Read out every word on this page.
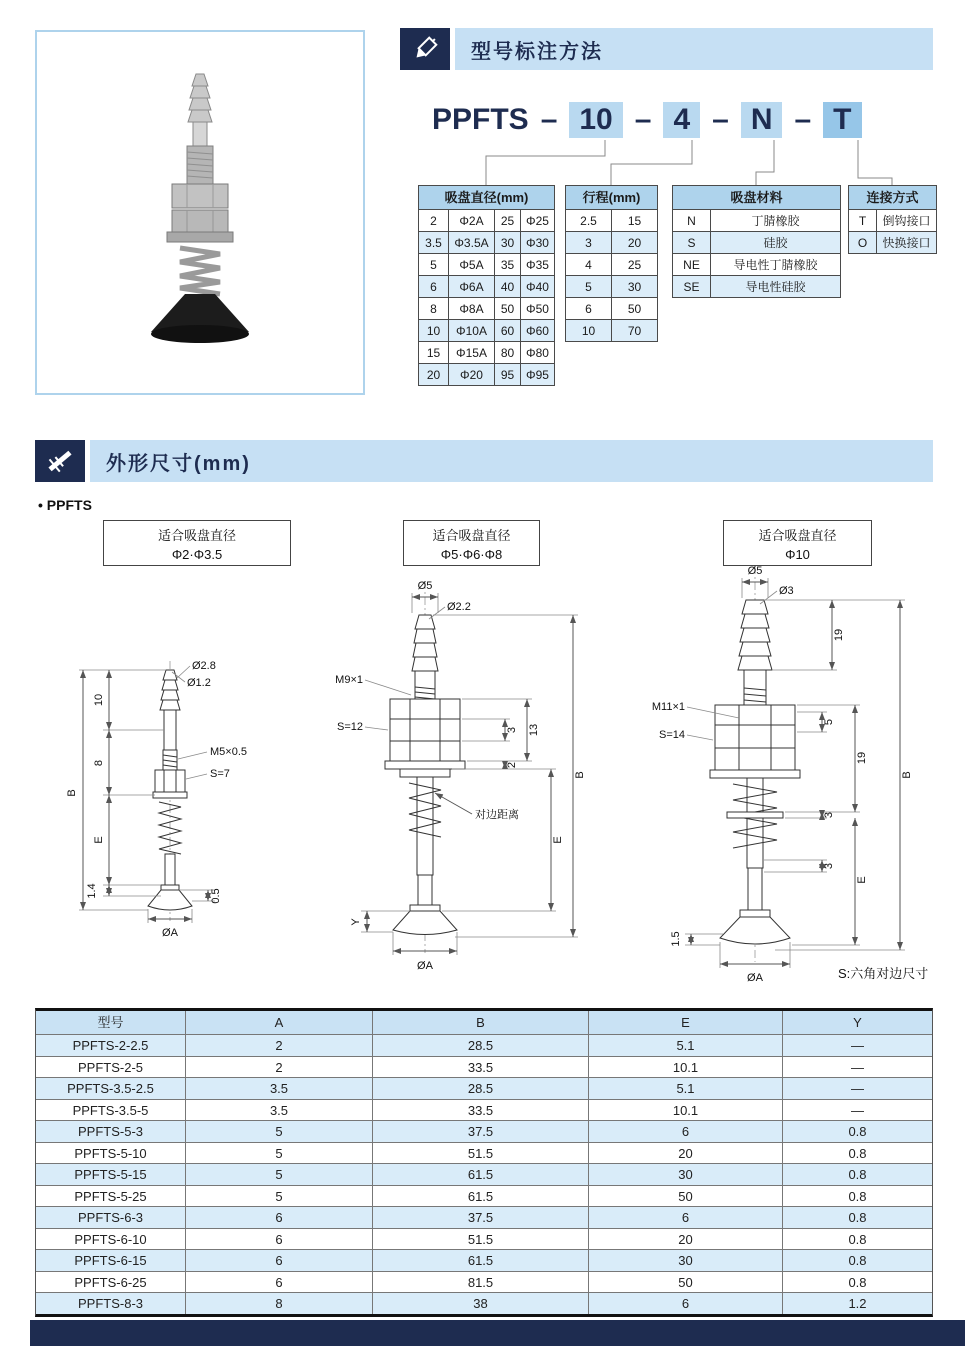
型号标注方法
PPFTS – 10 – 4 – N – T
吸盘直径(mm)
2	Φ2A	25 Φ25
3.5	Φ3.5A	30 Φ30
5	Φ5A	35 Φ35
6	Φ6A	40 Φ40
8	Φ8A	50 Φ50
10	Φ10A	60 Φ60
15	Φ15A	80 Φ80
20	Φ20	95 Φ95
行程(mm)
2.5	15
3	20
4	25
5	30
6	50
10	70
吸盘材料
N	丁腈橡胶
S	硅胶
NE	导电性丁腈橡胶
SE	导电性硅胶
连接方式
T	倒钩接口
O	快换接口
外形尺寸(mm)
• PPFTS
适合吸盘直径
Φ2·Φ3.5
适合吸盘直径
Φ5·Φ6·Φ8
适合吸盘直径
Φ10
Ø2.8
Ø1.2
B
10
8
E
1.4	0.5
M5×0.5
S=7
ØA
Ø5
Ø2.2
M9×1
S=12	3
2
13
E
B
对边距离
Y
ØA
Ø5
Ø3
19
M11×1
S=14
5
19
3
3
E
B
1.5
ØA	S:六角对边尺寸
型号	A	B	E	Y
PPFTS-2-2.5	2	28.5	5.1	—
PPFTS-2-5	2	33.5	10.1	—
PPFTS-3.5-2.5	3.5	28.5	5.1	—
PPFTS-3.5-5	3.5	33.5	10.1	—
PPFTS-5-3	5	37.5	6	0.8
PPFTS-5-10	5	51.5	20	0.8
PPFTS-5-15	5	61.5	30	0.8
PPFTS-5-25	5	61.5	50	0.8
PPFTS-6-3	6	37.5	6	0.8
PPFTS-6-10	6	51.5	20	0.8
PPFTS-6-15	6	61.5	30	0.8
PPFTS-6-25	6	81.5	50	0.8
PPFTS-8-3	8	38	6	1.2
